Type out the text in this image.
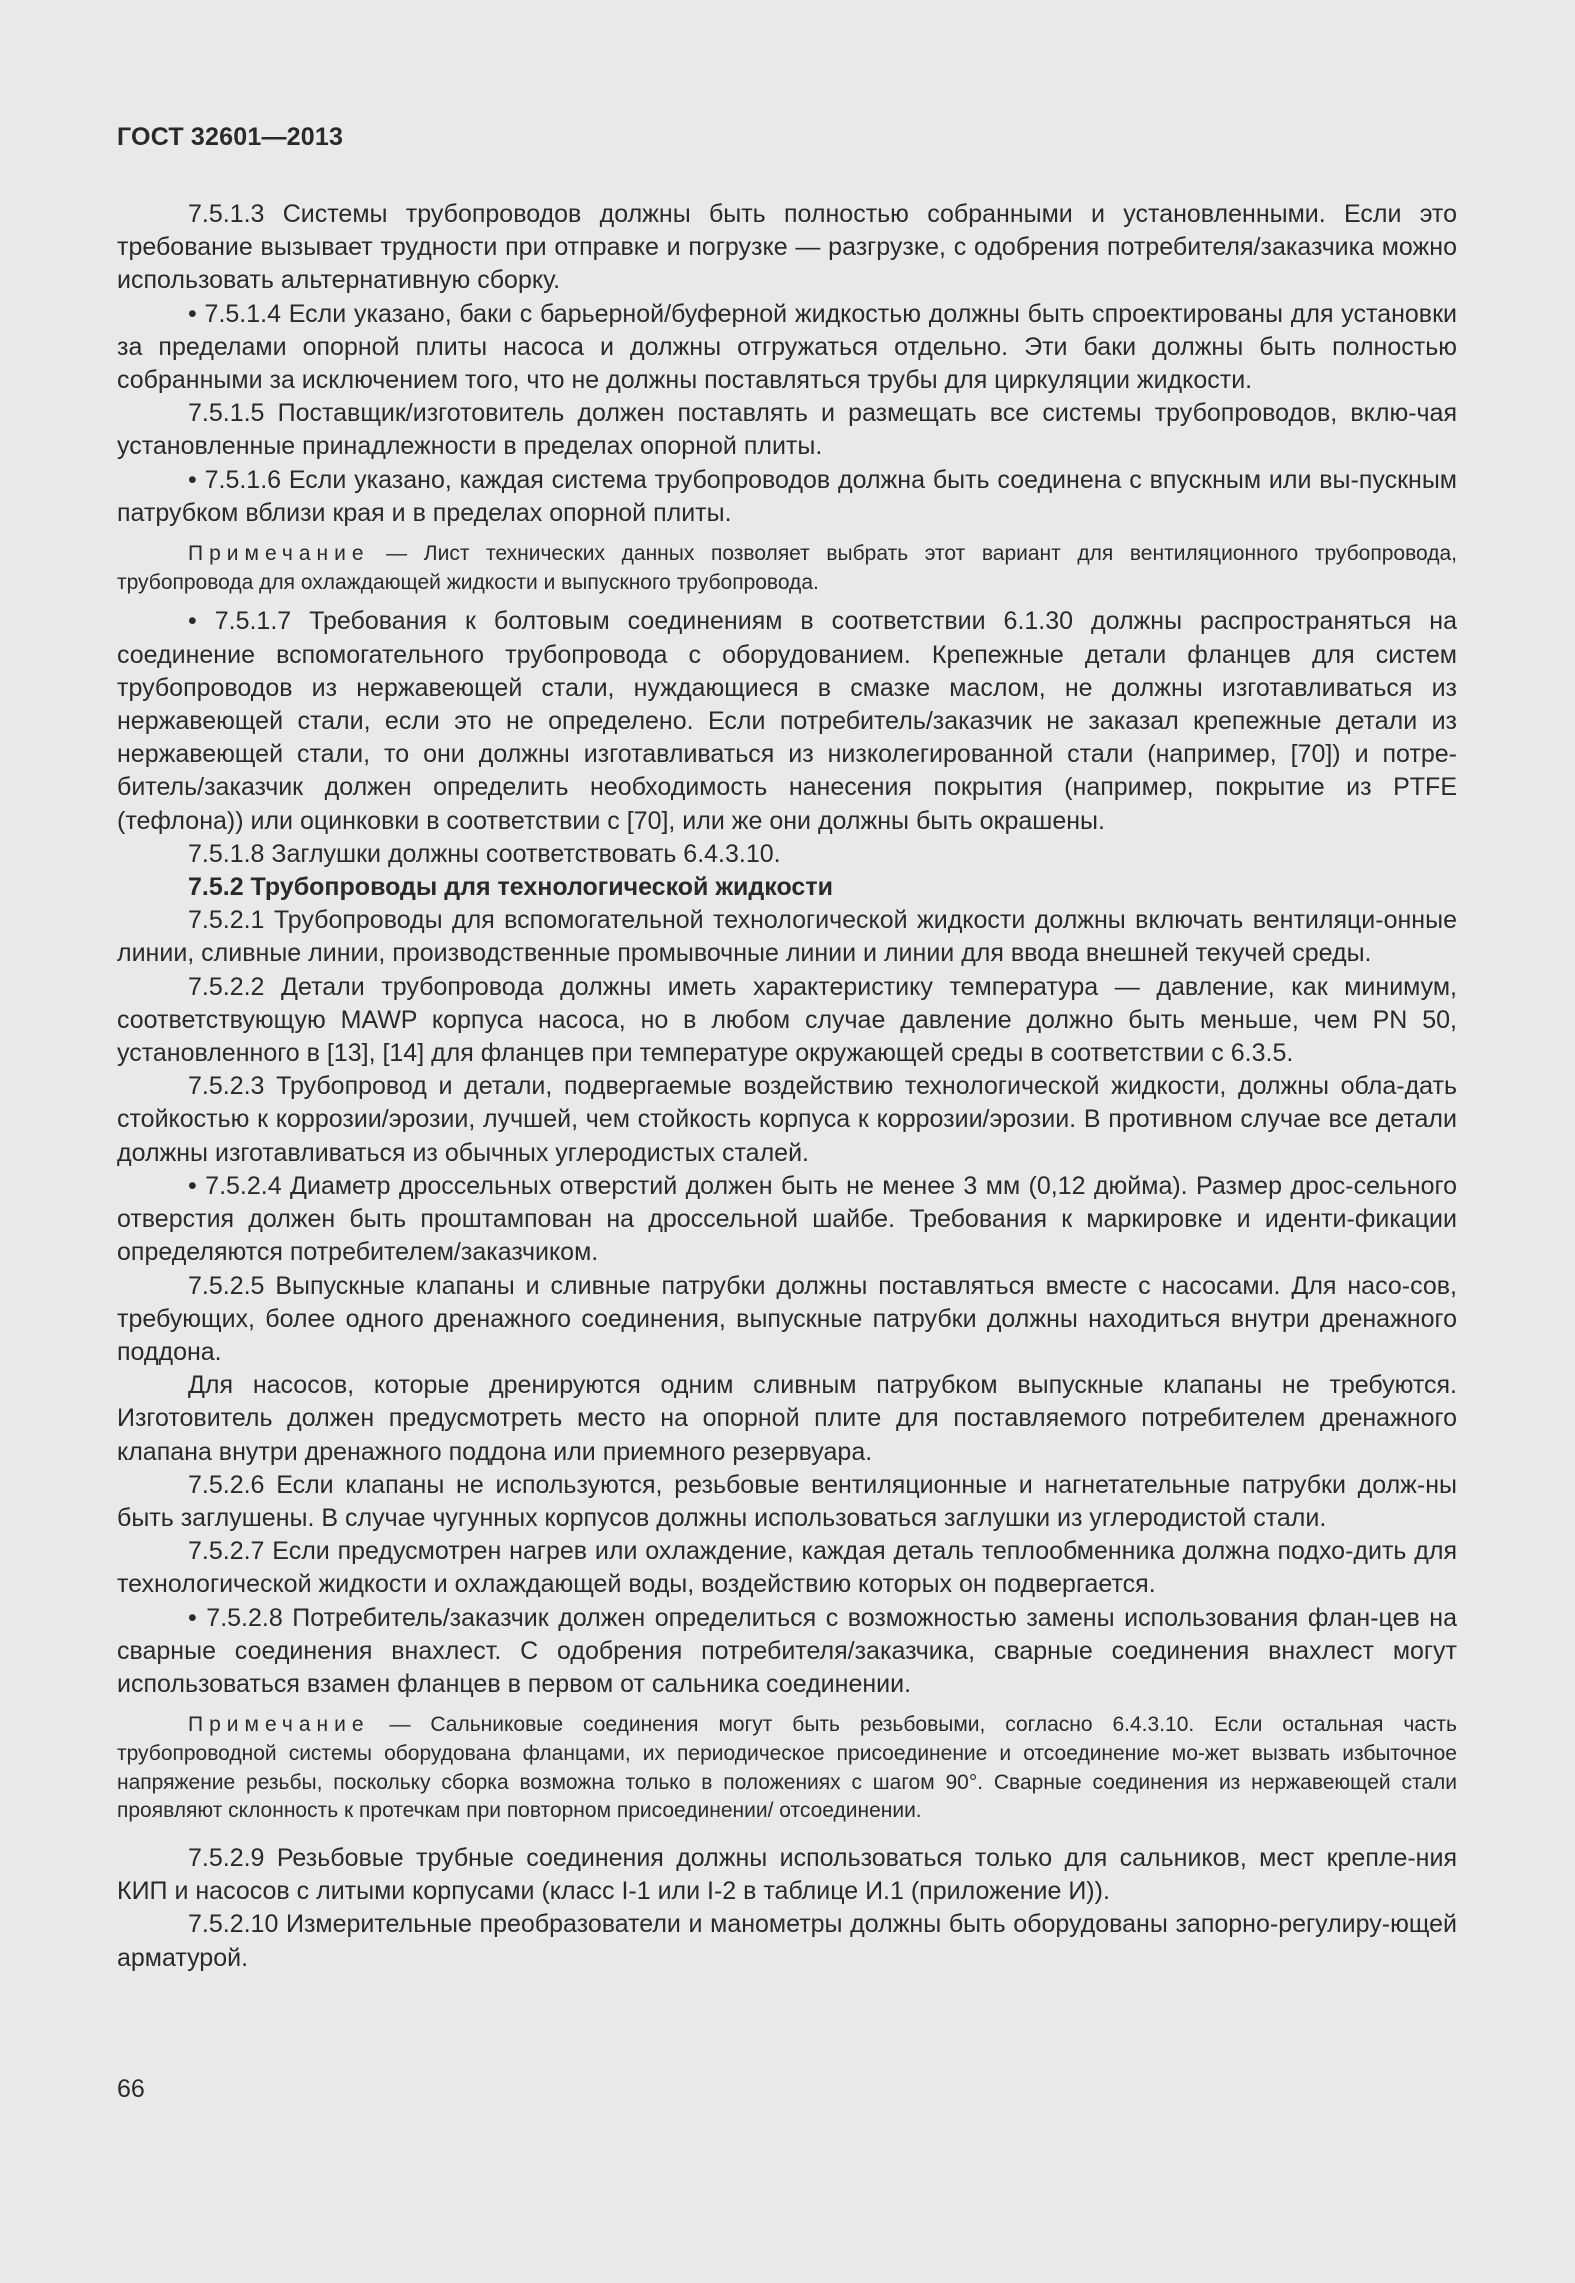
ГОСТ 32601—2013

7.5.1.3 Системы трубопроводов должны быть полностью собранными и установленными. Если это требование вызывает трудности при отправке и погрузке — разгрузке, с одобрения потребителя/заказчика можно использовать альтернативную сборку.

• 7.5.1.4 Если указано, баки с барьерной/буферной жидкостью должны быть спроектированы для установки за пределами опорной плиты насоса и должны отгружаться отдельно. Эти баки должны быть полностью собранными за исключением того, что не должны поставляться трубы для циркуляции жидкости.

7.5.1.5 Поставщик/изготовитель должен поставлять и размещать все системы трубопроводов, вклю-чая установленные принадлежности в пределах опорной плиты.

• 7.5.1.6 Если указано, каждая система трубопроводов должна быть соединена с впускным или вы-пускным патрубком вблизи края и в пределах опорной плиты.

Примечание — Лист технических данных позволяет выбрать этот вариант для вентиляционного трубопровода, трубопровода для охлаждающей жидкости и выпускного трубопровода.

• 7.5.1.7 Требования к болтовым соединениям в соответствии 6.1.30 должны распространяться на соединение вспомогательного трубопровода с оборудованием. Крепежные детали фланцев для систем трубопроводов из нержавеющей стали, нуждающиеся в смазке маслом, не должны изготавливаться из нержавеющей стали, если это не определено. Если потребитель/заказчик не заказал крепежные детали из нержавеющей стали, то они должны изготавливаться из низколегированной стали (например, [70]) и потре-битель/заказчик должен определить необходимость нанесения покрытия (например, покрытие из PTFE (тефлона)) или оцинковки в соответствии с [70], или же они должны быть окрашены.

7.5.1.8 Заглушки должны соответствовать 6.4.3.10.

7.5.2 Трубопроводы для технологической жидкости

7.5.2.1 Трубопроводы для вспомогательной технологической жидкости должны включать вентиляци-онные линии, сливные линии, производственные промывочные линии и линии для ввода внешней текучей среды.

7.5.2.2 Детали трубопровода должны иметь характеристику температура — давление, как минимум, соответствующую MAWP корпуса насоса, но в любом случае давление должно быть меньше, чем PN 50, установленного в [13], [14] для фланцев при температуре окружающей среды в соответствии с 6.3.5.

7.5.2.3 Трубопровод и детали, подвергаемые воздействию технологической жидкости, должны обла-дать стойкостью к коррозии/эрозии, лучшей, чем стойкость корпуса к коррозии/эрозии. В противном случае все детали должны изготавливаться из обычных углеродистых сталей.

• 7.5.2.4 Диаметр дроссельных отверстий должен быть не менее 3 мм (0,12 дюйма). Размер дрос-сельного отверстия должен быть проштампован на дроссельной шайбе. Требования к маркировке и иденти-фикации определяются потребителем/заказчиком.

7.5.2.5 Выпускные клапаны и сливные патрубки должны поставляться вместе с насосами. Для насо-сов, требующих, более одного дренажного соединения, выпускные патрубки должны находиться внутри дренажного поддона.

Для насосов, которые дренируются одним сливным патрубком выпускные клапаны не требуются. Изготовитель должен предусмотреть место на опорной плите для поставляемого потребителем дренажного клапана внутри дренажного поддона или приемного резервуара.

7.5.2.6 Если клапаны не используются, резьбовые вентиляционные и нагнетательные патрубки долж-ны быть заглушены. В случае чугунных корпусов должны использоваться заглушки из углеродистой стали.

7.5.2.7 Если предусмотрен нагрев или охлаждение, каждая деталь теплообменника должна подхо-дить для технологической жидкости и охлаждающей воды, воздействию которых он подвергается.

• 7.5.2.8 Потребитель/заказчик должен определиться с возможностью замены использования флан-цев на сварные соединения внахлест. С одобрения потребителя/заказчика, сварные соединения внахлест могут использоваться взамен фланцев в первом от сальника соединении.

Примечание — Сальниковые соединения могут быть резьбовыми, согласно 6.4.3.10. Если остальная часть трубопроводной системы оборудована фланцами, их периодическое присоединение и отсоединение мо-жет вызвать избыточное напряжение резьбы, поскольку сборка возможна только в положениях с шагом 90°. Сварные соединения из нержавеющей стали проявляют склонность к протечкам при повторном присоединении/ отсоединении.

7.5.2.9 Резьбовые трубные соединения должны использоваться только для сальников, мест крепле-ния КИП и насосов с литыми корпусами (класс I-1 или I-2 в таблице И.1 (приложение И)).

7.5.2.10 Измерительные преобразователи и манометры должны быть оборудованы запорно-регулиру-ющей арматурой.

66
